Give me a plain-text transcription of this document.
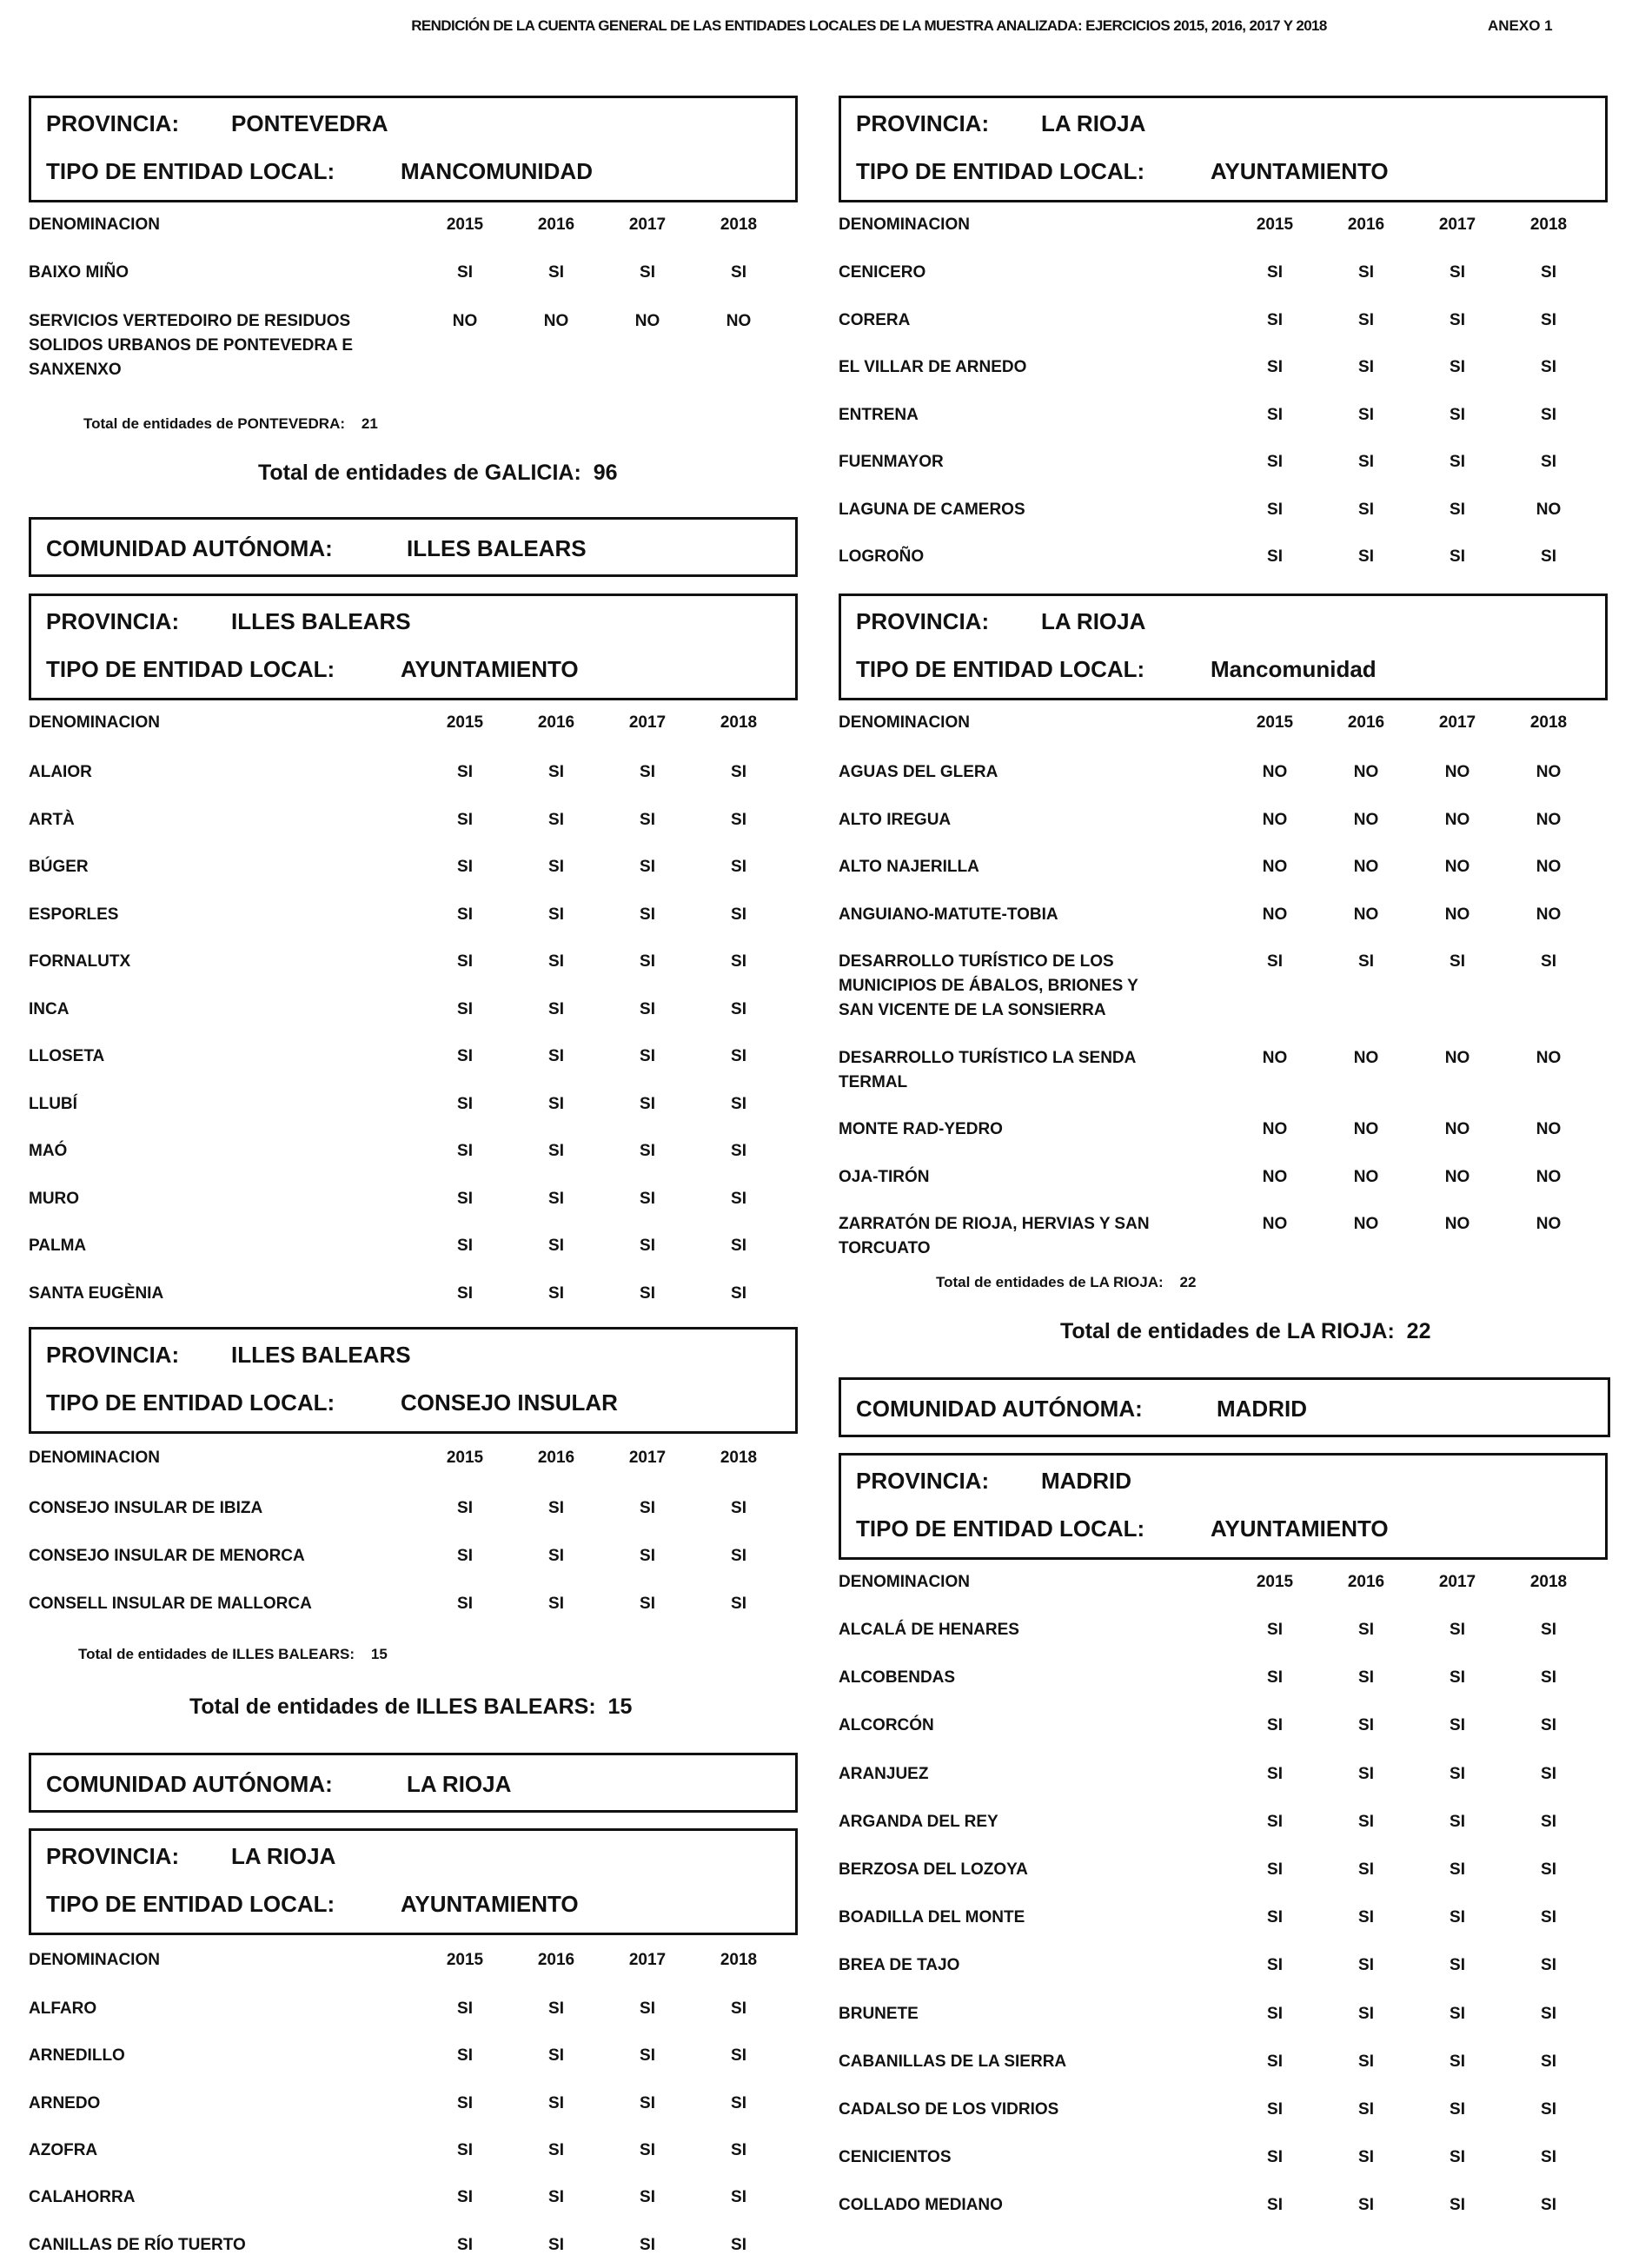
RENDICIÓN DE LA CUENTA GENERAL DE LAS ENTIDADES LOCALES DE LA MUESTRA ANALIZADA: EJERCICIOS 2015, 2016, 2017 Y 2018	ANEXO 1
PROVINCIA: PONTEVEDRA
TIPO DE ENTIDAD LOCAL:	MANCOMUNIDAD
DENOMINACION	2015	2016	2017	2018
BAIXO MIÑO	SI	SI	SI	SI
SERVICIOS VERTEDOIRO DE RESIDUOS SOLIDOS URBANOS DE PONTEVEDRA E SANXENXO
NO	NO	NO	NO
Total de entidades de PONTEVEDRA: 21
Total de entidades de GALICIA: 96
COMUNIDAD AUTÓNOMA:	ILLES BALEARS
PROVINCIA: ILLES BALEARS
TIPO DE ENTIDAD LOCAL:	AYUNTAMIENTO
DENOMINACION	2015	2016	2017	2018
ALAIOR	SI	SI	SI	SI
ARTÀ	SI	SI	SI	SI
BÚGER	SI	SI	SI	SI
ESPORLES	SI	SI	SI	SI
FORNALUTX	SI	SI	SI	SI
INCA	SI	SI	SI	SI
LLOSETA	SI	SI	SI	SI
LLUBÍ	SI	SI	SI	SI
MAÓ	SI	SI	SI	SI
MURO	SI	SI	SI	SI
PALMA	SI	SI	SI	SI
SANTA EUGÈNIA	SI	SI	SI	SI
PROVINCIA: ILLES BALEARS
TIPO DE ENTIDAD LOCAL:	CONSEJO INSULAR
DENOMINACION	2015	2016	2017	2018
CONSEJO INSULAR DE IBIZA	SI	SI	SI	SI
CONSEJO INSULAR DE MENORCA	SI	SI	SI	SI
CONSELL INSULAR DE MALLORCA	SI	SI	SI	SI
Total de entidades de ILLES BALEARS: 15
Total de entidades de ILLES BALEARS: 15
COMUNIDAD AUTÓNOMA:	LA RIOJA
PROVINCIA: LA RIOJA
TIPO DE ENTIDAD LOCAL:	AYUNTAMIENTO
DENOMINACION	2015	2016	2017	2018
ALFARO	SI	SI	SI	SI
ARNEDILLO	SI	SI	SI	SI
ARNEDO	SI	SI	SI	SI
AZOFRA	SI	SI	SI	SI
CALAHORRA	SI	SI	SI	SI
CANILLAS DE RÍO TUERTO	SI	SI	SI	SI
PROVINCIA: LA RIOJA
TIPO DE ENTIDAD LOCAL:	AYUNTAMIENTO
DENOMINACION	2015	2016	2017	2018
CENICERO	SI	SI	SI	SI
CORERA	SI	SI	SI	SI
EL VILLAR DE ARNEDO	SI	SI	SI	SI
ENTRENA	SI	SI	SI	SI
FUENMAYOR	SI	SI	SI	SI
LAGUNA DE CAMEROS	SI	SI	SI	NO
LOGROÑO	SI	SI	SI	SI
PROVINCIA: LA RIOJA
TIPO DE ENTIDAD LOCAL:	Mancomunidad
DENOMINACION	2015	2016	2017	2018
AGUAS DEL GLERA	NO	NO	NO	NO
ALTO IREGUA	NO	NO	NO	NO
ALTO NAJERILLA	NO	NO	NO	NO
ANGUIANO-MATUTE-TOBIA	NO	NO	NO	NO
DESARROLLO TURÍSTICO DE LOS MUNICIPIOS DE ÁBALOS, BRIONES Y SAN VICENTE DE LA SONSIERRA
SI	SI	SI	SI
DESARROLLO TURÍSTICO LA SENDA TERMAL
NO	NO	NO	NO
MONTE RAD-YEDRO	NO	NO	NO	NO
OJA-TIRÓN	NO	NO	NO	NO
ZARRATÓN DE RIOJA, HERVIAS Y SAN TORCUATO
NO	NO	NO	NO
Total de entidades de LA RIOJA: 22
Total de entidades de LA RIOJA: 22
COMUNIDAD AUTÓNOMA:	MADRID
PROVINCIA: MADRID
TIPO DE ENTIDAD LOCAL:	AYUNTAMIENTO
DENOMINACION	2015	2016	2017	2018
ALCALÁ DE HENARES	SI	SI	SI	SI
ALCOBENDAS	SI	SI	SI	SI
ALCORCÓN	SI	SI	SI	SI
ARANJUEZ	SI	SI	SI	SI
ARGANDA DEL REY	SI	SI	SI	SI
BERZOSA DEL LOZOYA	SI	SI	SI	SI
BOADILLA DEL MONTE	SI	SI	SI	SI
BREA DE TAJO	SI	SI	SI	SI
BRUNETE	SI	SI	SI	SI
CABANILLAS DE LA SIERRA	SI	SI	SI	SI
CADALSO DE LOS VIDRIOS	SI	SI	SI	SI
CENICIENTOS	SI	SI	SI	SI
COLLADO MEDIANO	SI	SI	SI	SI
